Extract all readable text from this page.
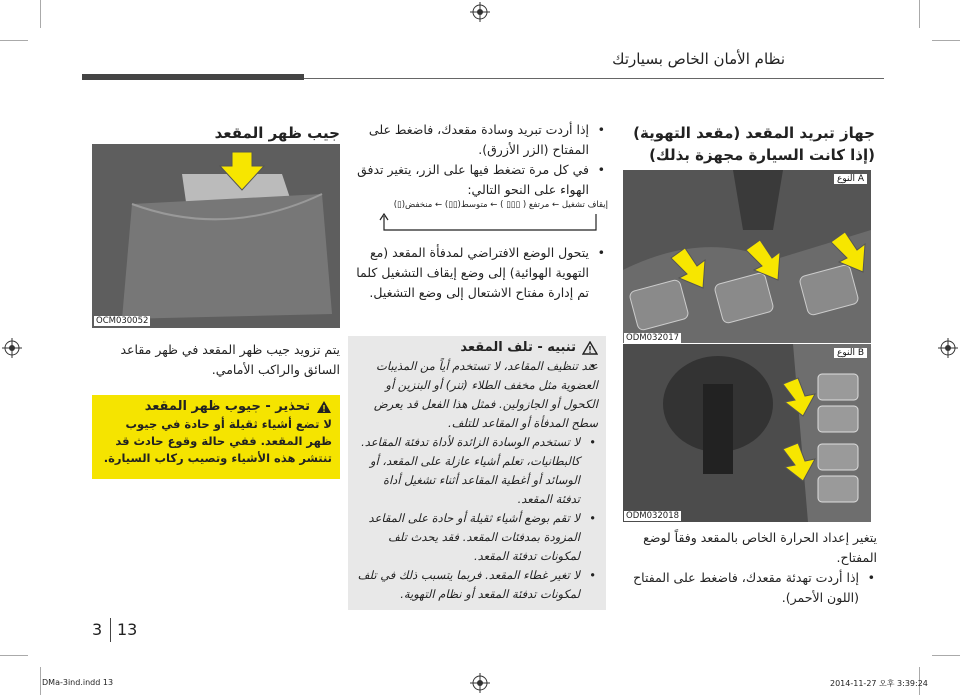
نظام الأمان الخاص بسيارتك
جهاز تبريد المقعد (مقعد التهوية)
(إذا كانت السيارة مجهزة بذلك)
النوع A
ODM032017
النوع B
ODM032018

يتغير إعداد الحرارة الخاص بالمقعد وفقاً لوضع المفتاح.

• إذا أردت تهدئة مقعدك، فاضغط على المفتاح (اللون الأحمر).

• إذا أردت تبريد وسادة مقعدك، فاضغط على المفتاح (الزر الأزرق).

• في كل مرة تضغط فيها على الزر، يتغير تدفق الهواء على النحو التالي:

إيقاف تشغيل ← مرتفع ( ▯▯▯ ) ← متوسط(▯▯) ← منخفض(▯)

• يتحول الوضع الافتراضي لمدفأة المقعد (مع التهوية الهوائية) إلى وضع إيقاف التشغيل كلما تم إدارة مفتاح الاشتعال إلى وضع التشغيل.

تنبيه - تلف المقعد

• عند تنظيف المقاعد، لا تستخدم أياً من المذيبات العضوية مثل مخفف الطلاء (تنر) أو البنزين أو الكحول أو الجازولين. فمثل هذا الفعل قد يعرض سطح المدفأة أو المقاعد للتلف.

• لا تستخدم الوسادة الزائدة لأداة تدفئة المقاعد. كالبطانيات، تعلم أشياء عازلة على المقعد، أو الوسائد أو أغطية المقاعد أثناء تشغيل أداة تدفئة المقعد.

• لا تقم بوضع أشياء ثقيلة أو حادة على المقاعد المزودة بمدفئات المقعد. فقد يحدث تلف لمكونات تدفئة المقعد.

• لا تغير غطاء المقعد. فربما يتسبب ذلك في تلف لمكونات تدفئة المقعد أو نظام التهوية.

جيب ظهر المقعد
OCM030052

يتم تزويد جيب ظهر المقعد في ظهر مقاعد السائق والراكب الأمامي.

تحذير - جيوب ظهر المقعد

لا تضع أشياء ثقيلة أو حادة في جيوب ظهر المقعد. ففي حالة وقوع حادث قد تنتشر هذه الأشياء وتصيب ركاب السيارة.

3 13
DMa-3ind.indd 13	2014-11-27 오후 3:39:24
